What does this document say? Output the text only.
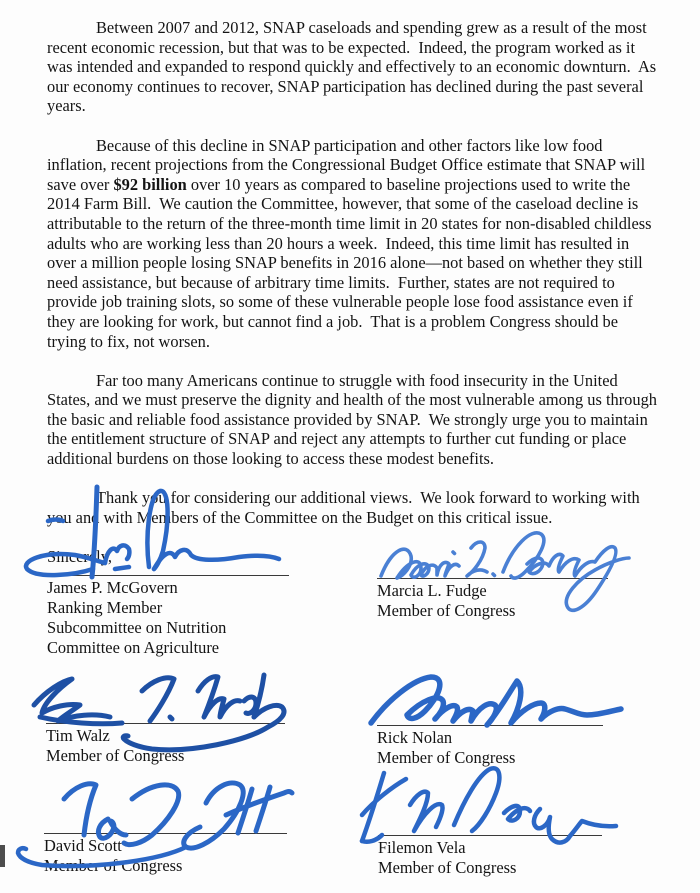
Between 2007 and 2012, SNAP caseloads and spending grew as a result of the most recent economic recession, but that was to be expected.  Indeed, the program worked as it was intended and expanded to respond quickly and effectively to an economic downturn.  As our economy continues to recover, SNAP participation has declined during the past several years.

Because of this decline in SNAP participation and other factors like low food inflation, recent projections from the Congressional Budget Office estimate that SNAP will save over $92 billion over 10 years as compared to baseline projections used to write the 2014 Farm Bill.  We caution the Committee, however, that some of the caseload decline is attributable to the return of the three-month time limit in 20 states for non-disabled childless adults who are working less than 20 hours a week.  Indeed, this time limit has resulted in over a million people losing SNAP benefits in 2016 alone—not based on whether they still need assistance, but because of arbitrary time limits.  Further, states are not required to provide job training slots, so some of these vulnerable people lose food assistance even if they are looking for work, but cannot find a job.  That is a problem Congress should be trying to fix, not worsen.

Far too many Americans continue to struggle with food insecurity in the United States, and we must preserve the dignity and health of the most vulnerable among us through the basic and reliable food assistance provided by SNAP.  We strongly urge you to maintain the entitlement structure of SNAP and reject any attempts to further cut funding or place additional burdens on those looking to access these modest benefits.

Thank you for considering our additional views.  We look forward to working with you and with Members of the Committee on the Budget on this critical issue.

Sincerely,

James P. McGovern
Ranking Member
Subcommittee on Nutrition
Committee on Agriculture
Marcia L. Fudge
Member of Congress
Tim Walz
Member of Congress
Rick Nolan
Member of Congress
David Scott
Member of Congress
Filemon Vela
Member of Congress
